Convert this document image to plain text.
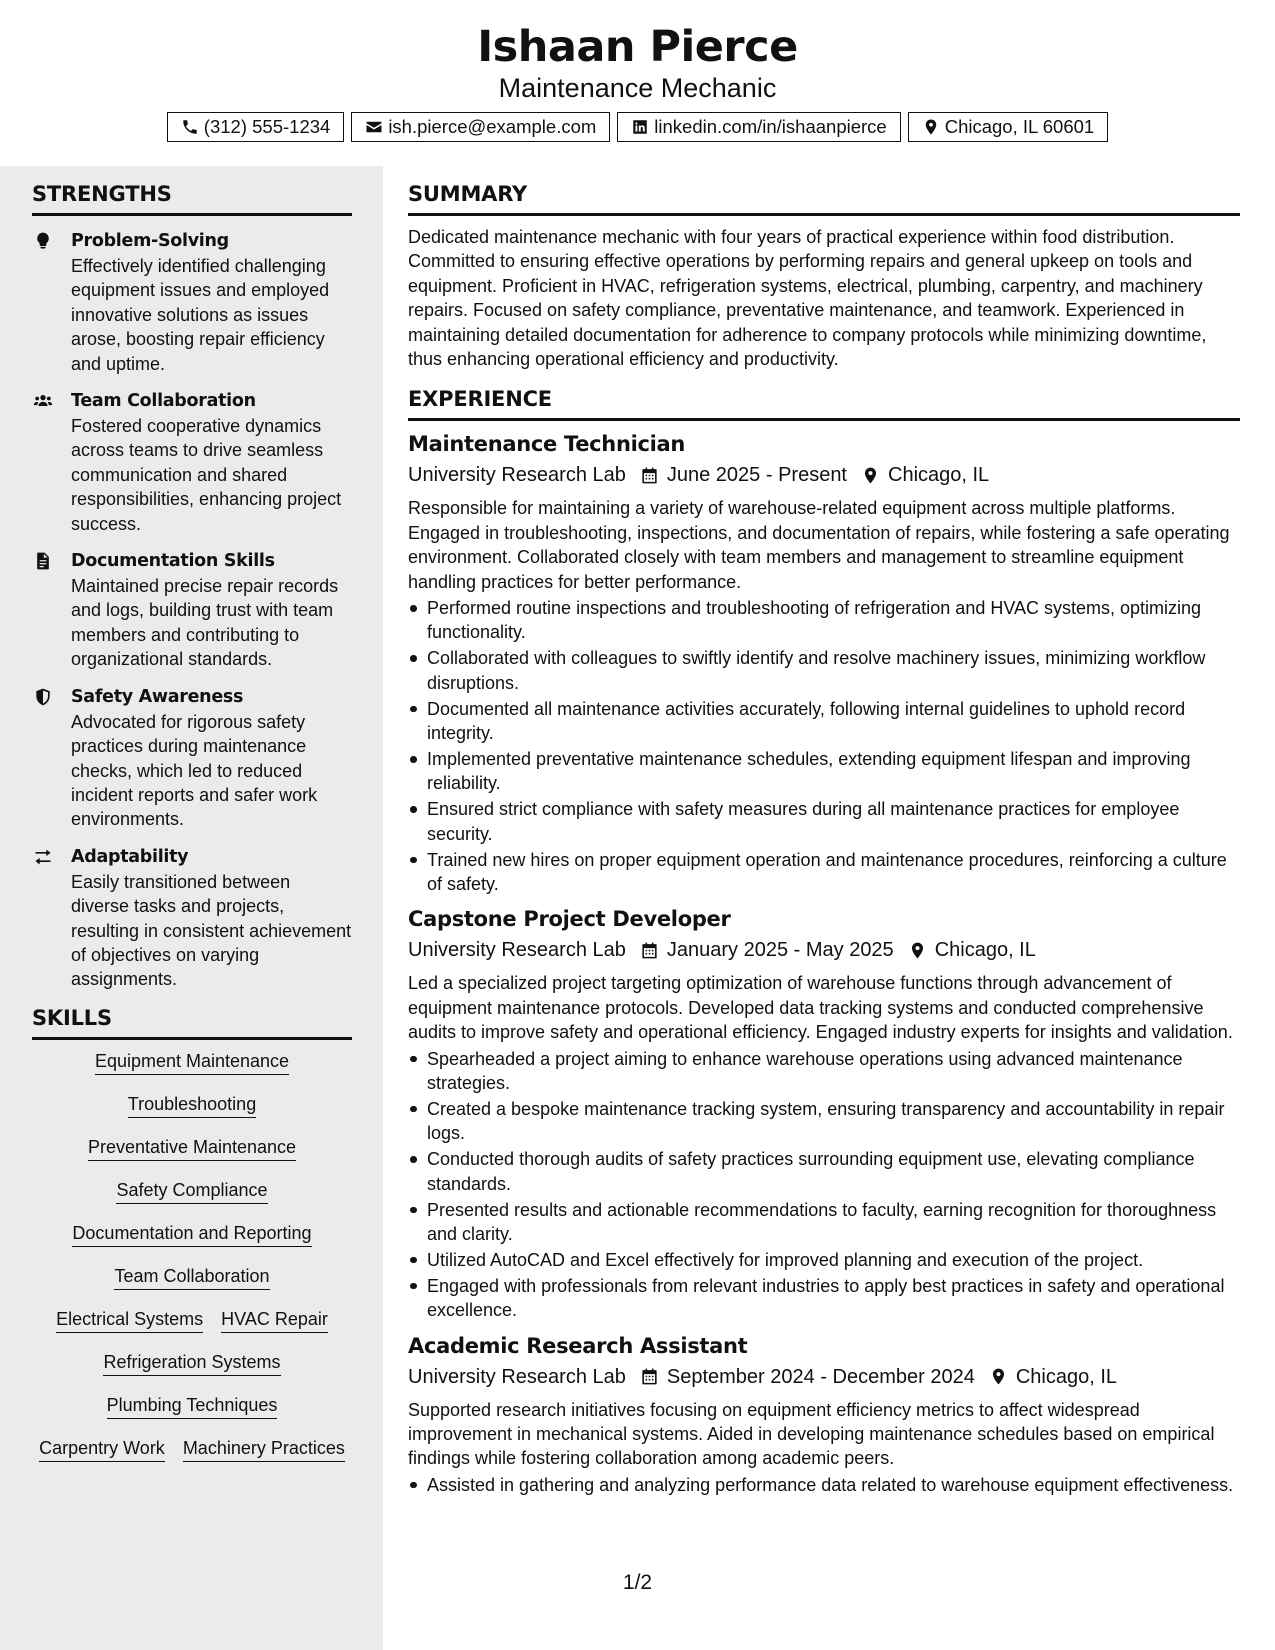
Ishaan Pierce
Maintenance Mechanic
(312) 555-1234	ish.pierce@example.com	linkedin.com/in/ishaanpierce	Chicago, IL 60601
STRENGTHS
Problem-Solving
Effectively identified challenging equipment issues and employed innovative solutions as issues arose, boosting repair efficiency and uptime.
Team Collaboration
Fostered cooperative dynamics across teams to drive seamless communication and shared responsibilities, enhancing project success.
Documentation Skills
Maintained precise repair records and logs, building trust with team members and contributing to organizational standards.
Safety Awareness
Advocated for rigorous safety practices during maintenance checks, which led to reduced incident reports and safer work environments.
Adaptability
Easily transitioned between diverse tasks and projects, resulting in consistent achievement of objectives on varying assignments.
SKILLS
Equipment Maintenance
Troubleshooting
Preventative Maintenance
Safety Compliance
Documentation and Reporting
Team Collaboration
Electrical Systems HVAC Repair
Refrigeration Systems
Plumbing Techniques
Carpentry Work Machinery Practices
SUMMARY
Dedicated maintenance mechanic with four years of practical experience within food distribution. Committed to ensuring effective operations by performing repairs and general upkeep on tools and equipment. Proficient in HVAC, refrigeration systems, electrical, plumbing, carpentry, and machinery repairs. Focused on safety compliance, preventative maintenance, and teamwork. Experienced in maintaining detailed documentation for adherence to company protocols while minimizing downtime, thus enhancing operational efficiency and productivity.
EXPERIENCE
Maintenance Technician
University Research Lab June 2025 - Present Chicago, IL
Responsible for maintaining a variety of warehouse-related equipment across multiple platforms. Engaged in troubleshooting, inspections, and documentation of repairs, while fostering a safe operating environment. Collaborated closely with team members and management to streamline equipment handling practices for better performance.
Performed routine inspections and troubleshooting of refrigeration and HVAC systems, optimizing functionality.
Collaborated with colleagues to swiftly identify and resolve machinery issues, minimizing workflow disruptions.
Documented all maintenance activities accurately, following internal guidelines to uphold record integrity.
Implemented preventative maintenance schedules, extending equipment lifespan and improving reliability.
Ensured strict compliance with safety measures during all maintenance practices for employee security.
Trained new hires on proper equipment operation and maintenance procedures, reinforcing a culture of safety.
Capstone Project Developer
University Research Lab January 2025 - May 2025 Chicago, IL
Led a specialized project targeting optimization of warehouse functions through advancement of equipment maintenance protocols. Developed data tracking systems and conducted comprehensive audits to improve safety and operational efficiency. Engaged industry experts for insights and validation.
Spearheaded a project aiming to enhance warehouse operations using advanced maintenance strategies.
Created a bespoke maintenance tracking system, ensuring transparency and accountability in repair logs.
Conducted thorough audits of safety practices surrounding equipment use, elevating compliance standards.
Presented results and actionable recommendations to faculty, earning recognition for thoroughness and clarity.
Utilized AutoCAD and Excel effectively for improved planning and execution of the project.
Engaged with professionals from relevant industries to apply best practices in safety and operational excellence.
Academic Research Assistant
University Research Lab September 2024 - December 2024 Chicago, IL
Supported research initiatives focusing on equipment efficiency metrics to affect widespread improvement in mechanical systems. Aided in developing maintenance schedules based on empirical findings while fostering collaboration among academic peers.
Assisted in gathering and analyzing performance data related to warehouse equipment effectiveness.
1/2
